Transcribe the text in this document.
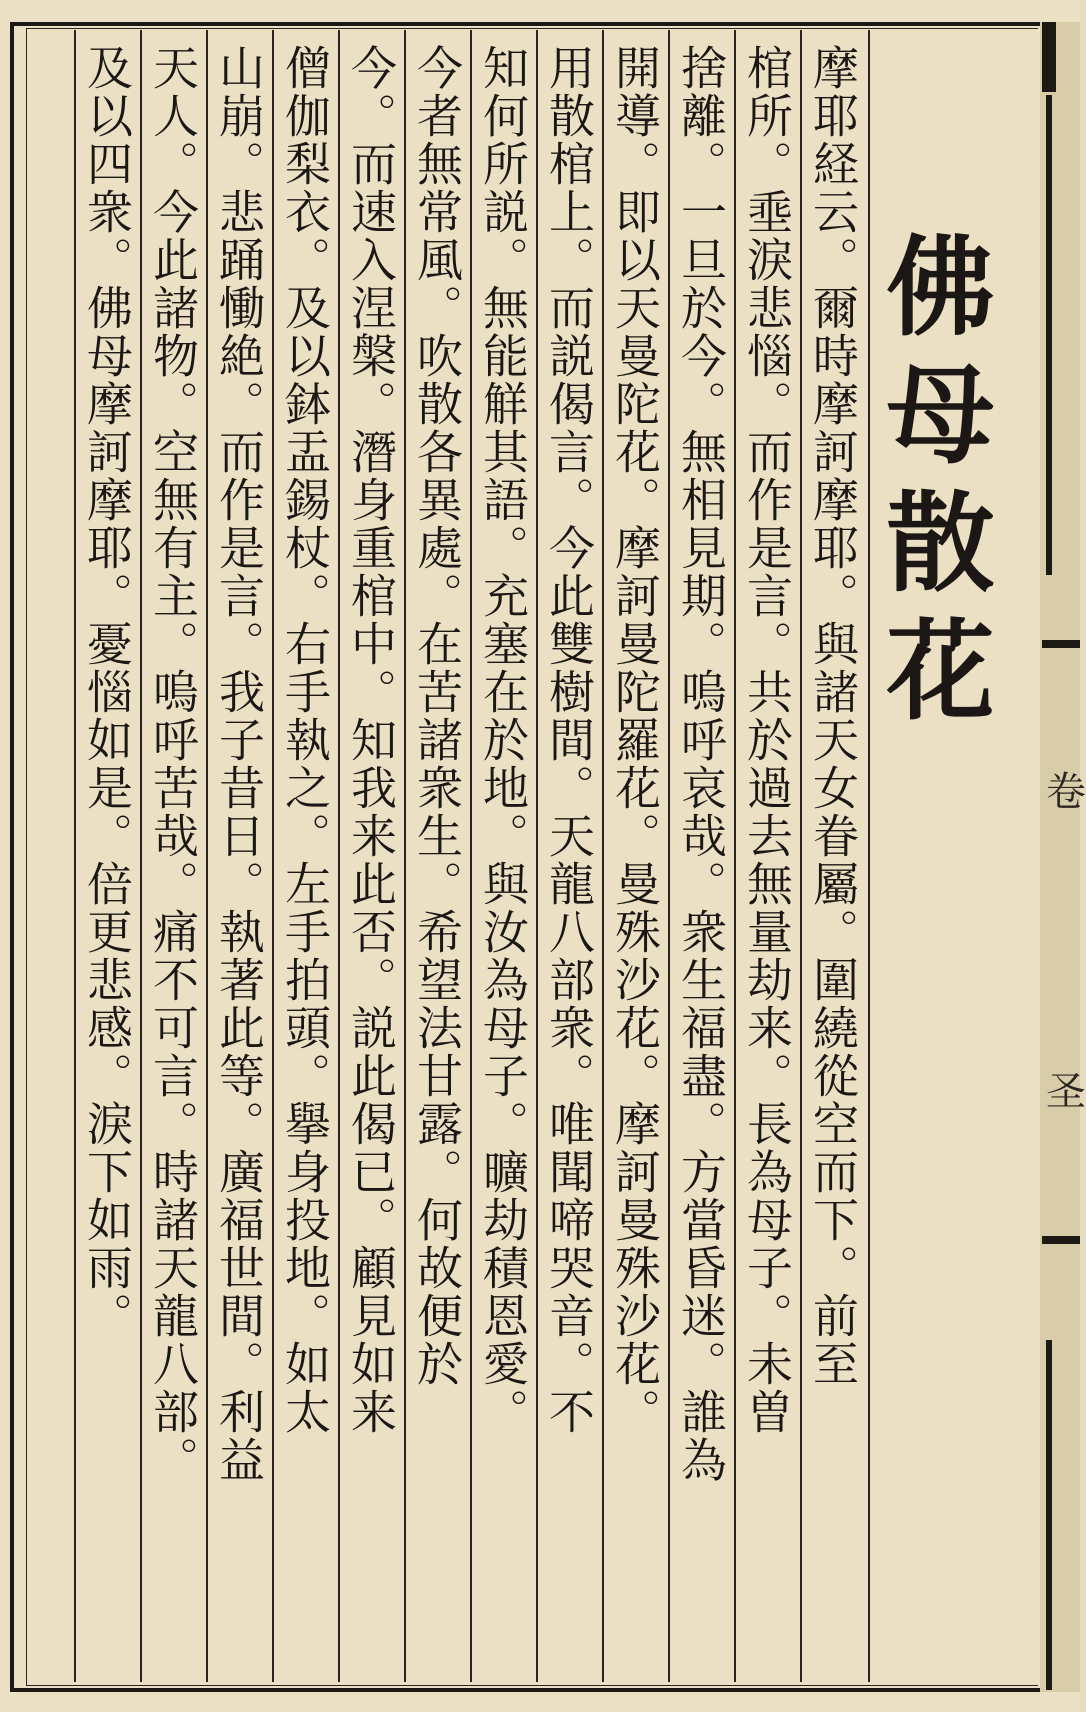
卷
圣
佛母散花
摩耶経云。爾時摩訶摩耶。與諸天女眷屬。圍繞從空而下。前至
棺所。埀淚悲惱。而作是言。共於過去無量劫来。長為母子。未曽
捨離。一旦於今。無相見期。嗚呼哀哉。衆生福盡。方當昏迷。誰為
開導。即以天曼陀花。摩訶曼陀羅花。曼殊沙花。摩訶曼殊沙花。
用散棺上。而説偈言。今此雙樹間。天龍八部衆。唯聞啼哭音。不
知何所説。無能觧其語。充塞在於地。與汝為母子。曠劫積恩愛。
今者無常風。吹散各異處。在苦諸衆生。希望法甘露。何故便於
今。而速入涅槃。潛身重棺中。知我来此否。説此偈已。顧見如来
僧伽梨衣。及以鉢盂錫杖。右手執之。左手拍頭。擧身投地。如太
山崩。悲踊慟絶。而作是言。我子昔日。執著此等。廣福世間。利益
天人。今此諸物。空無有主。嗚呼苦哉。痛不可言。時諸天龍八部。
及以四衆。佛母摩訶摩耶。憂惱如是。倍更悲感。淚下如雨。
